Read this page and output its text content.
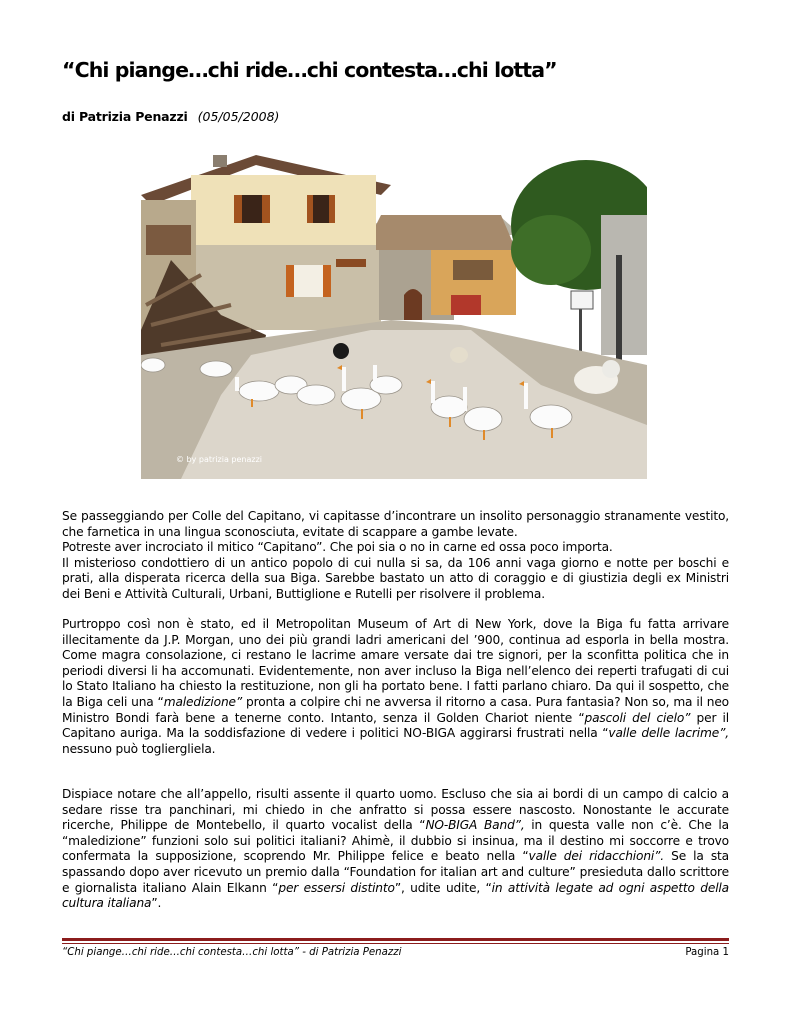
“Chi piange…chi ride…chi contesta…chi lotta”
di Patrizia Penazzi (05/05/2008)
© by patrizia penazzi

Se passeggiando per Colle del Capitano, vi capitasse d’incontrare un insolito personaggio stranamente vestito, che farnetica in una lingua sconosciuta, evitate di scappare a gambe levate.

Potreste aver incrociato il mitico “Capitano”. Che poi sia o no in carne ed ossa poco importa.

Il misterioso condottiero di un antico popolo di cui nulla si sa, da 106 anni vaga giorno e notte per boschi e prati, alla disperata ricerca della sua Biga. Sarebbe bastato un atto di coraggio e di giustizia degli ex Ministri dei Beni e Attività Culturali, Urbani, Buttiglione e Rutelli per risolvere il problema.

Purtroppo così non è stato, ed il Metropolitan Museum of Art di New York, dove la Biga fu fatta arrivare illecitamente da J.P. Morgan, uno dei più grandi ladri americani del ’900, continua ad esporla in bella mostra. Come magra consolazione, ci restano le lacrime amare versate dai tre signori, per la sconfitta politica che in periodi diversi li ha accomunati. Evidentemente, non aver incluso la Biga nell’elenco dei reperti trafugati di cui lo Stato Italiano ha chiesto la restituzione, non gli ha portato bene. I fatti parlano chiaro. Da qui il sospetto, che la Biga celi una “maledizione” pronta a colpire chi ne avversa il ritorno a casa. Pura fantasia? Non so, ma il neo Ministro Bondi farà bene a tenerne conto. Intanto, senza il Golden Chariot niente “pascoli del cielo” per il Capitano auriga. Ma la soddisfazione di vedere i politici NO-BIGA aggirarsi frustrati nella “valle delle lacrime”, nessuno può toglierglielа.

Dispiace notare che all’appello, risulti assente il quarto uomo. Escluso che sia ai bordi di un campo di calcio a sedare risse tra panchinari, mi chiedo in che anfratto si possa essere nascosto. Nonostante le accurate ricerche, Philippe de Montebello, il quarto vocalist della “NO-BIGA Band”, in questa valle non c’è. Che la “maledizione” funzioni solo sui politici italiani? Ahimè, il dubbio si insinua, ma il destino mi soccorre e trovo confermata la supposizione, scoprendo Mr. Philippe felice e beato nella “valle dei ridacchioni”. Se la sta spassando dopo aver ricevuto un premio dalla “Foundation for italian art and culture” presieduta dallo scrittore e giornalista italiano Alain Elkann “per essersi distinto”, udite udite, “in attività legate ad ogni aspetto della cultura italiana”.

“Chi piange…chi ride…chi contesta…chi lotta” - di Patrizia Penazzi	Pagina 1
